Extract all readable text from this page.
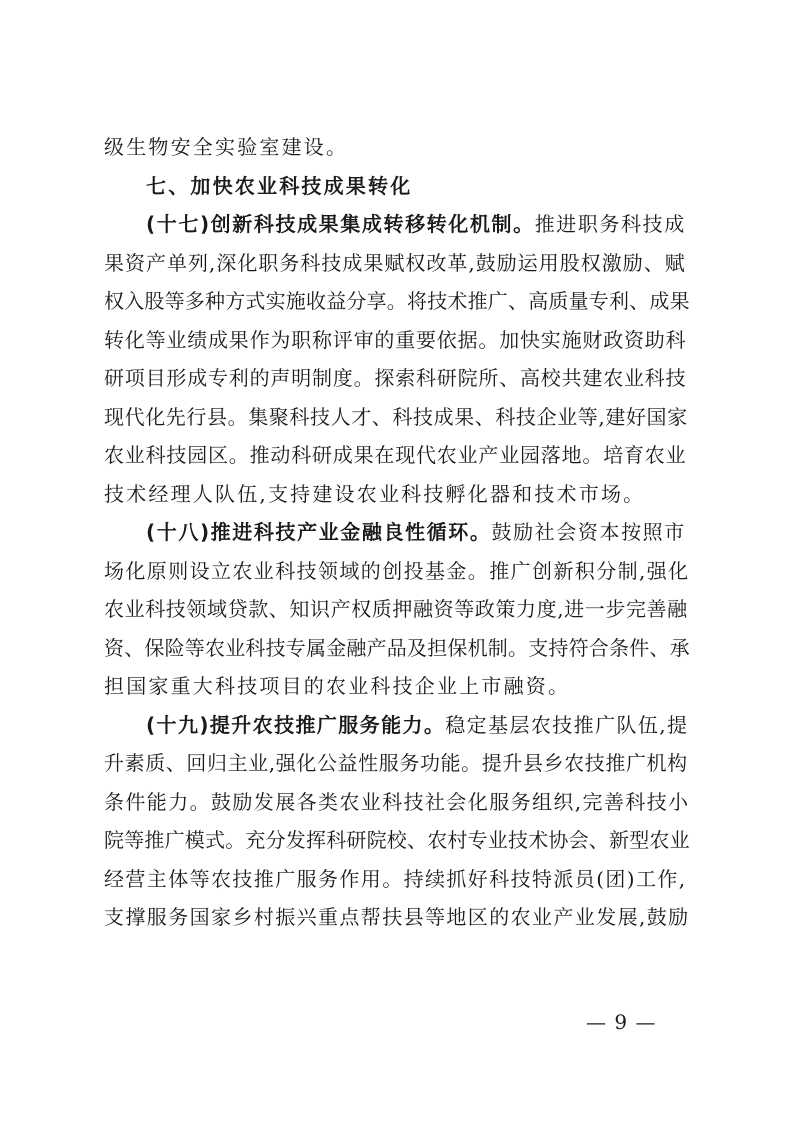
级生物安全实验室建设。
七、加快农业科技成果转化
(十七)创新科技成果集成转移转化机制。推进职务科技成
果资产单列,深化职务科技成果赋权改革,鼓励运用股权激励、赋
权入股等多种方式实施收益分享。将技术推广、高质量专利、成果
转化等业绩成果作为职称评审的重要依据。加快实施财政资助科
研项目形成专利的声明制度。探索科研院所、高校共建农业科技
现代化先行县。集聚科技人才、科技成果、科技企业等,建好国家
农业科技园区。推动科研成果在现代农业产业园落地。培育农业
技术经理人队伍,支持建设农业科技孵化器和技术市场。
(十八)推进科技产业金融良性循环。鼓励社会资本按照市
场化原则设立农业科技领域的创投基金。推广创新积分制,强化
农业科技领域贷款、知识产权质押融资等政策力度,进一步完善融
资、保险等农业科技专属金融产品及担保机制。支持符合条件、承
担国家重大科技项目的农业科技企业上市融资。
(十九)提升农技推广服务能力。稳定基层农技推广队伍,提
升素质、回归主业,强化公益性服务功能。提升县乡农技推广机构
条件能力。鼓励发展各类农业科技社会化服务组织,完善科技小
院等推广模式。充分发挥科研院校、农村专业技术协会、新型农业
经营主体等农技推广服务作用。持续抓好科技特派员(团)工作,
支撑服务国家乡村振兴重点帮扶县等地区的农业产业发展,鼓励
— 9 —
